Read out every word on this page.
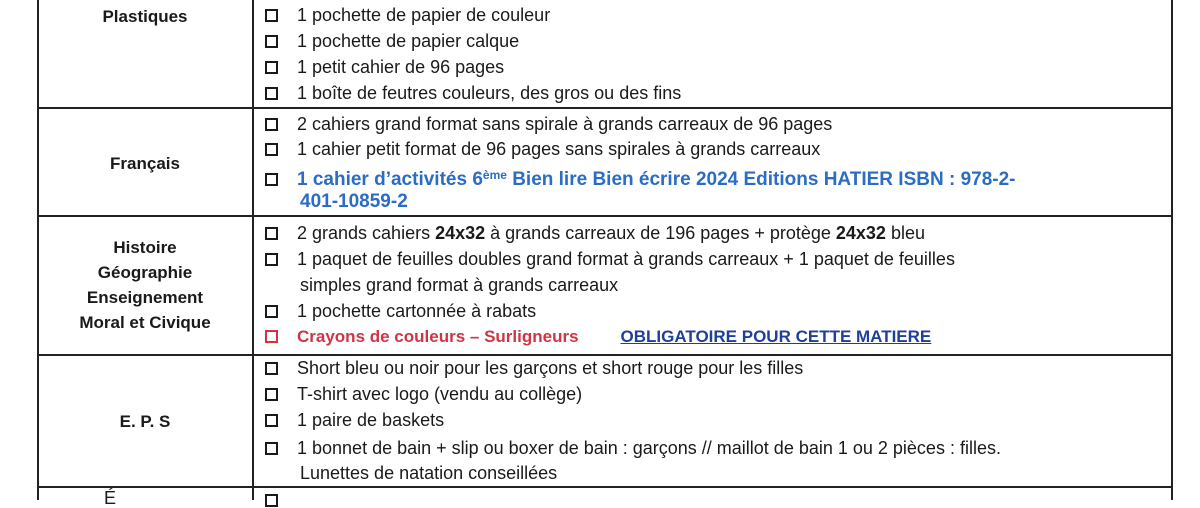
Plastiques	1 pochette de papier de couleur
1 pochette de papier calque
1 petit cahier de 96 pages
1 boîte de feutres couleurs, des gros ou des fins
Français
2 cahiers grand format sans spirale à grands carreaux de 96 pages
1 cahier petit format de 96 pages sans spirales à grands carreaux
1 cahier d’activités 6ème Bien lire Bien écrire 2024 Editions HATIER ISBN : 978-2-
401-10859-2
Histoire
Géographie
Enseignement
Moral et Civique
2 grands cahiers 24x32 à grands carreaux de 196 pages + protège 24x32 bleu
1 paquet de feuilles doubles grand format à grands carreaux + 1 paquet de feuilles
simples grand format à grands carreaux
1 pochette cartonnée à rabats
Crayons de couleurs – Surligneurs OBLIGATOIRE POUR CETTE MATIERE
E. P. S
Short bleu ou noir pour les garçons et short rouge pour les filles
T-shirt avec logo (vendu au collège)
1 paire de baskets
1 bonnet de bain + slip ou boxer de bain : garçons // maillot de bain 1 ou 2 pièces : filles.
Lunettes de natation conseillées
É
